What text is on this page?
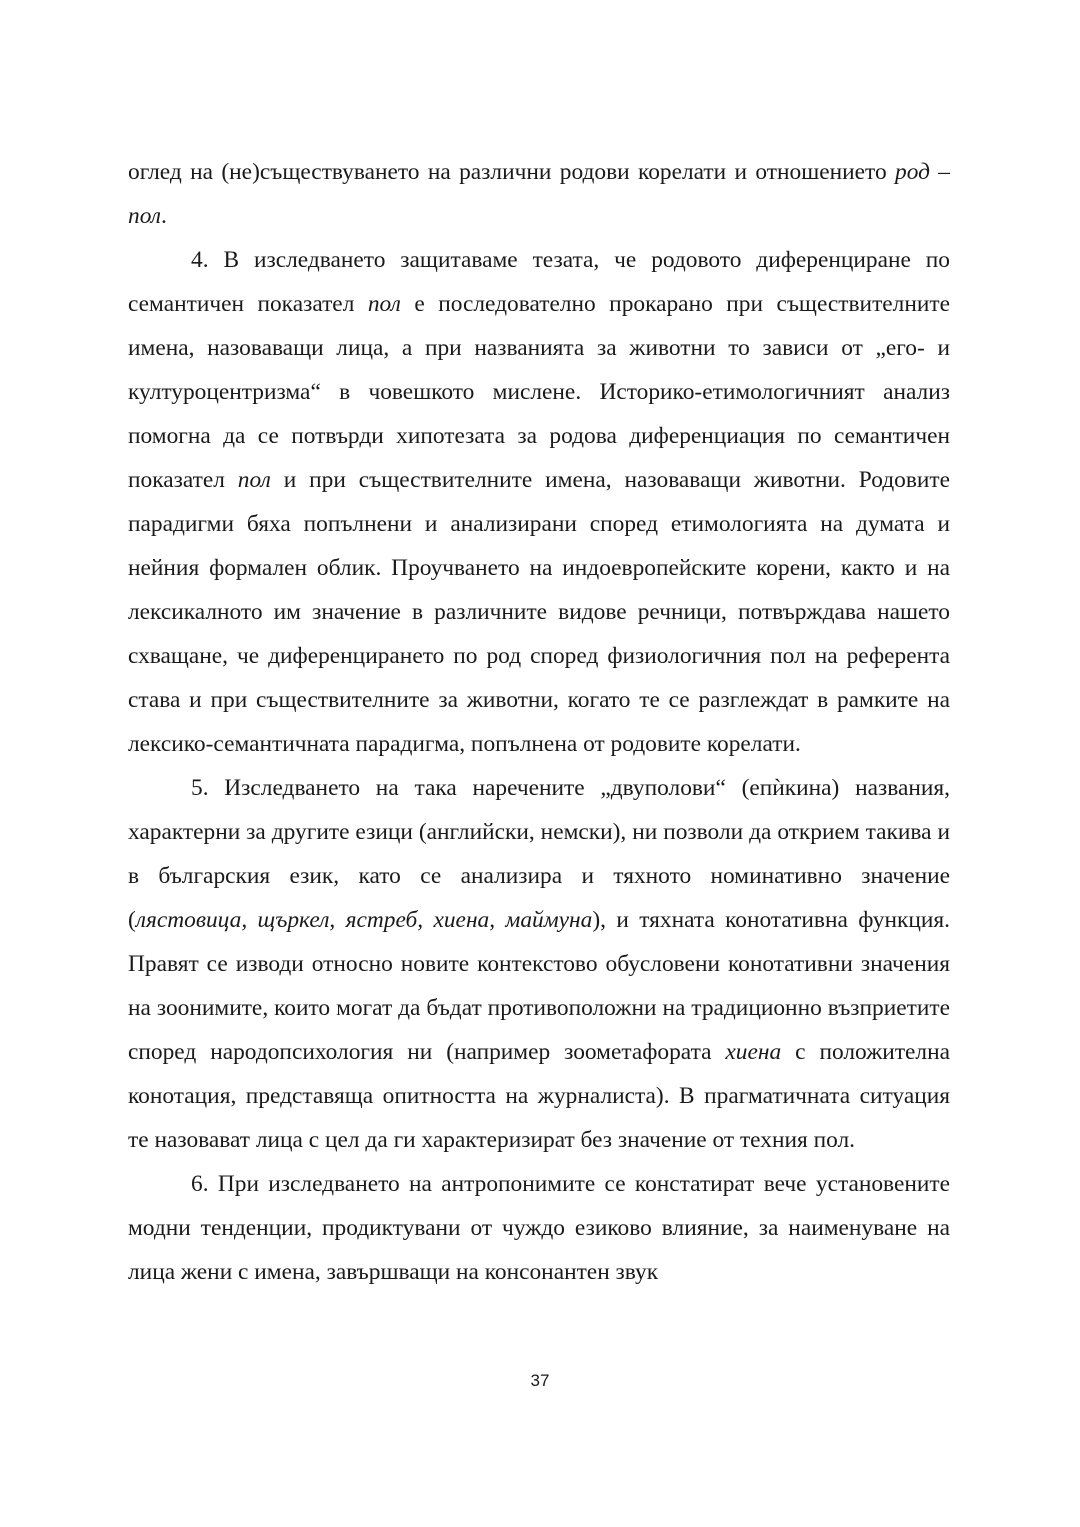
оглед на (не)съществуването на различни родови корелати и отношението род – пол.

4. В изследването защитаваме тезата, че родовото диференциране по семантичен показател пол е последователно прокарано при съществителните имена, назоваващи лица, а при названията за животни то зависи от „его- и културоцентризма“ в човешкото мислене. Историко-етимологичният анализ помогна да се потвърди хипотезата за родова диференциация по семантичен показател пол и при съществителните имена, назоваващи животни. Родовите парадигми бяха попълнени и анализирани според етимологията на думата и нейния формален облик. Проучването на индоевропейските корени, както и на лексикалното им значение в различните видове речници, потвърждава нашето схващане, че диференцирането по род според физиологичния пол на референта става и при съществителните за животни, когато те се разглеждат в рамките на лексико-семантичната парадигма, попълнена от родовите корелати.

5. Изследването на така наречените „двуполови“ (епѝкина) названия, характерни за другите езици (английски, немски), ни позволи да открием такива и в българския език, като се анализира и тяхното номинативно значение (лястовица, щъркел, ястреб, хиена, маймуна), и тяхната конотативна функция. Правят се изводи относно новите контекстово обусловени конотативни значения на зоонимите, които могат да бъдат противоположни на традиционно възприетите според народопсихология ни (например зоометафората хиена с положителна конотация, представяща опитността на журналиста). В прагматичната ситуация те назовават лица с цел да ги характеризират без значение от техния пол.

6. При изследването на антропонимите се констатират вече установените модни тенденции, продиктувани от чуждо езиково влияние, за наименуване на лица жени с имена, завършващи на консонантен звук

37
